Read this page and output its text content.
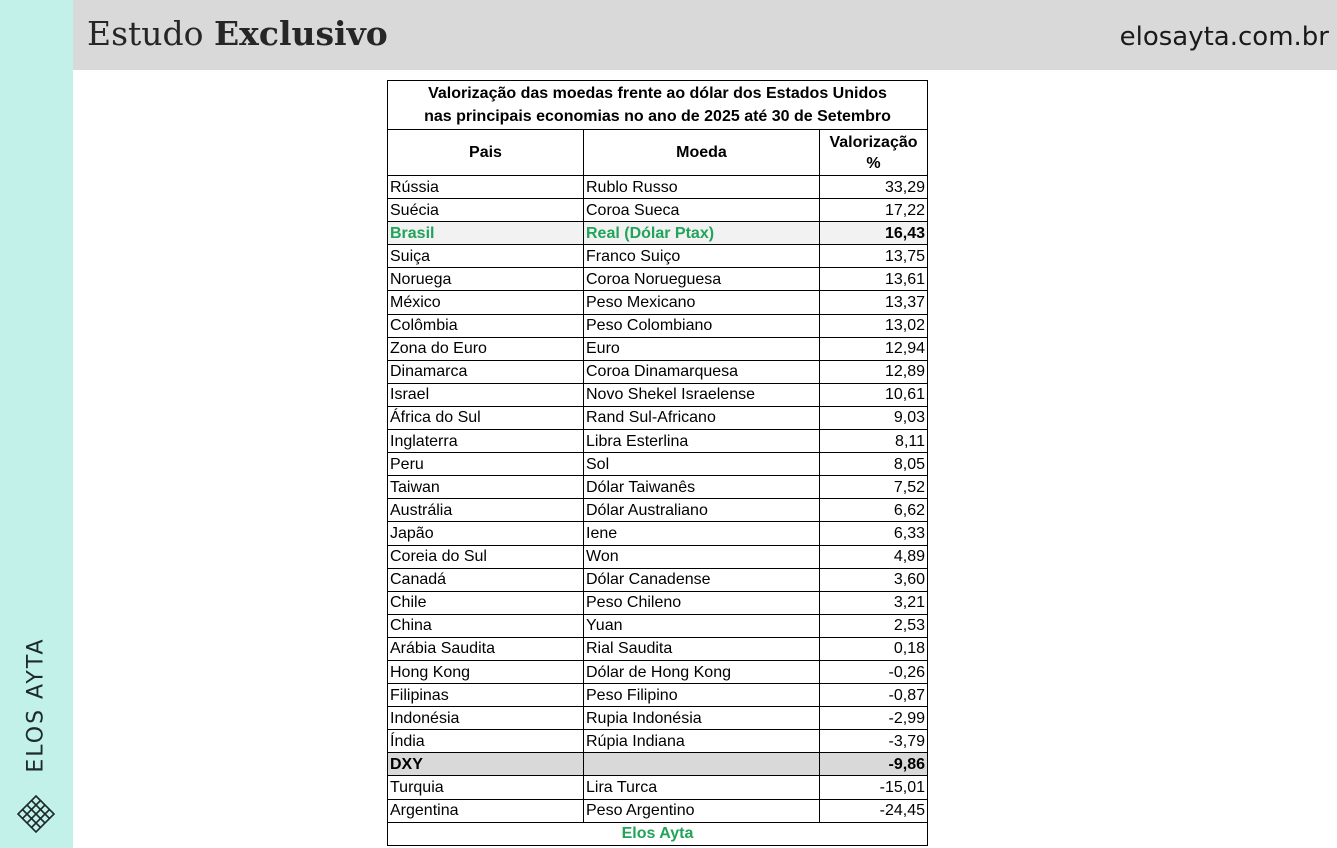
ELOS AYTA
Estudo Exclusivo	elosayta.com.br
Valorização das moedas frente ao dólar dos Estados Unidos
nas principais economias no ano de 2025 até 30 de Setembro		

Pais	Moeda	Valorização
%

Rússia	Rublo Russo	33,29
Suécia	Coroa Sueca	17,22
Brasil	Real (Dólar Ptax)	16,43
Suiça	Franco Suiço	13,75
Noruega	Coroa Norueguesa	13,61
México	Peso Mexicano	13,37
Colômbia	Peso Colombiano	13,02
Zona do Euro	Euro	12,94
Dinamarca	Coroa Dinamarquesa	12,89
Israel	Novo Shekel Israelense	10,61
África do Sul	Rand Sul-Africano	9,03
Inglaterra	Libra Esterlina	8,11
Peru	Sol	8,05
Taiwan	Dólar Taiwanês	7,52
Austrália	Dólar Australiano	6,62
Japão	Iene	6,33
Coreia do Sul	Won	4,89
Canadá	Dólar Canadense	3,60
Chile	Peso Chileno	3,21
China	Yuan	2,53
Arábia Saudita	Rial Saudita	0,18
Hong Kong	Dólar de Hong Kong	-0,26
Filipinas	Peso Filipino	-0,87
Indonésia	Rupia Indonésia	-2,99
Índia	Rúpia Indiana	-3,79
DXY		-9,86
Turquia	Lira Turca	-15,01
Argentina	Peso Argentino	-24,45
Elos Ayta		
